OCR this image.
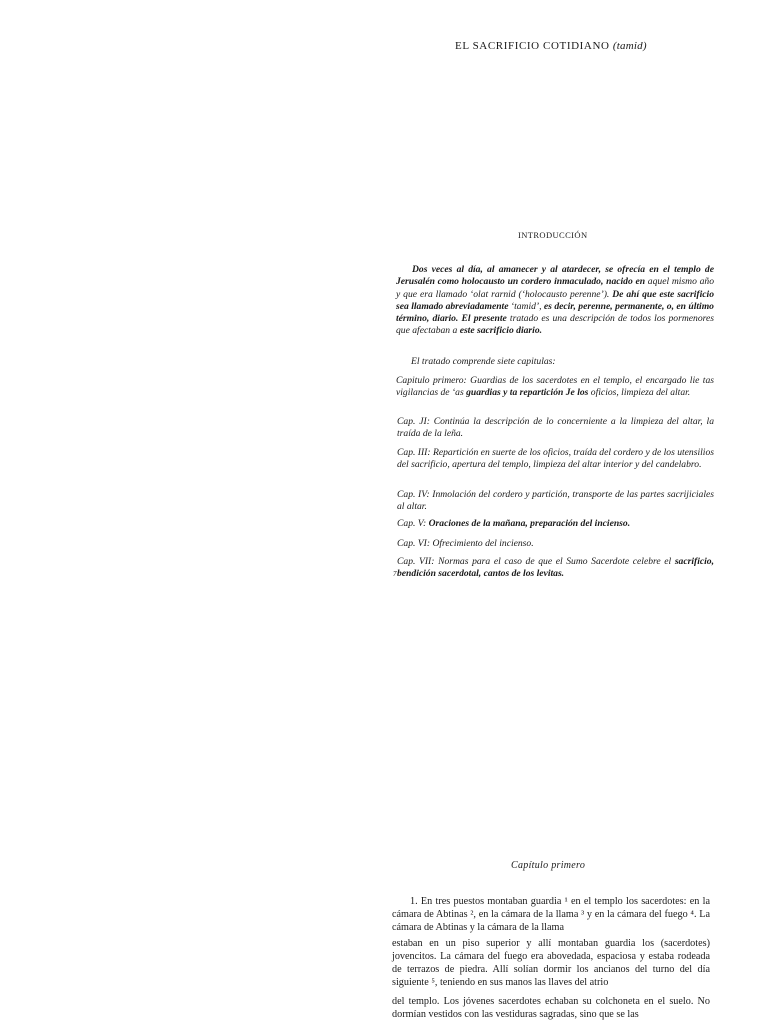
EL SACRIFICIO COTIDIANO (tamid)
INTRODUCCIÓN
Dos veces al día, al amanecer y al atardecer, se ofrecía en el templo de Jerusalén como holocausto un cordero inmaculado, nacido en aquel mismo año y que era llamado ‘olat rarnid (‘holocausto perenne’). De ahí que este sacrificio sea llamado abreviadamente ‘tamid’, es decir, perenne, permanente, o, en último término, diario. El presente tratado es una descripción de todos los pormenores que afectaban a este sacrificio diario.
El tratado comprende siete capitulas:
Capitulo primero: Guardias de los sacerdotes en el templo, el encargado lie tas vigilancias de ‘as guardias y ta repartición Je los oficios, limpieza del altar.
Cap. JI: Continúa la descripción de lo concerniente a la limpieza del altar, la traída de la leña.
Cap. III: Repartición en suerte de los oficios, traída del cordero y de los utensilios del sacrificio, apertura del templo, limpieza del altar interior y del candelabro.
Cap. IV: Inmolación del cordero y partición, transporte de las partes sacrijiciales al altar.
Cap. V: Oraciones de la mañana, preparación del incienso.
Cap. VI: Ofrecimiento del incienso.
Cap. VII: Normas para el caso de que el Sumo Sacerdote celebre el sacrificio, bendición sacerdotal, cantos de los levitas.
7
Capítulo primero
1. En tres puestos montaban guardia ¹ en el templo los sacerdotes: en la cámara de Abtinas ², en la cámara de la llama ³ y en la cámara del fuego ⁴. La cámara de Abtinas y la cámara de la llama
estaban en un piso superior y allí montaban guardia los (sacerdotes) jovencitos. La cámara del fuego era abovedada, espaciosa y estaba rodeada de terrazos de piedra. Allí solían dormir los ancianos del turno del día siguiente ⁵, teniendo en sus manos las llaves del atrio
del templo. Los jóvenes sacerdotes echaban su colchoneta en el suelo. No dormían vestidos con las vestiduras sagradas, sino que se las
